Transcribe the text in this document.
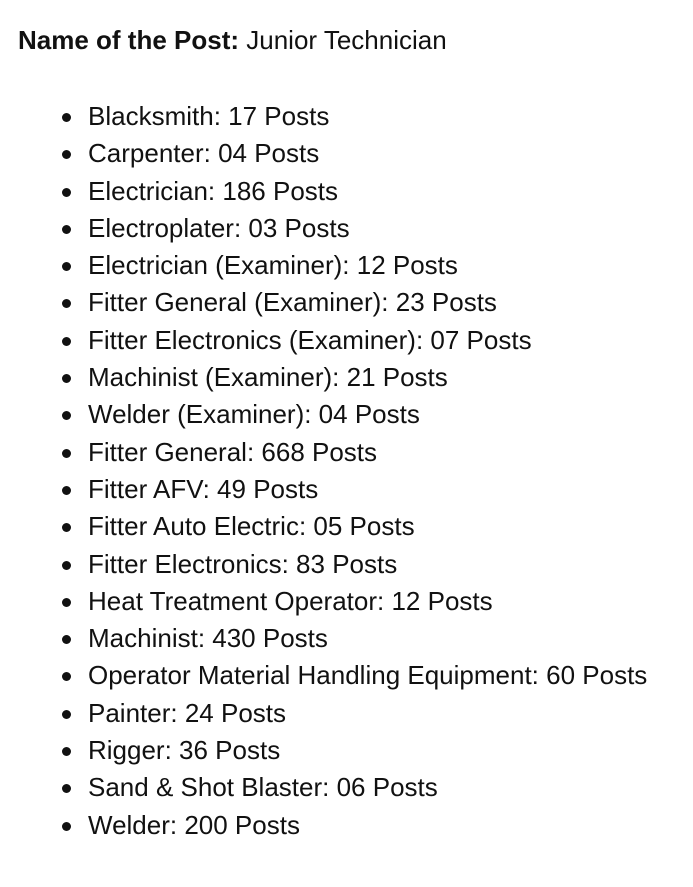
Name of the Post: Junior Technician
Blacksmith: 17 Posts
Carpenter: 04 Posts
Electrician: 186 Posts
Electroplater: 03 Posts
Electrician (Examiner): 12 Posts
Fitter General (Examiner): 23 Posts
Fitter Electronics (Examiner): 07 Posts
Machinist (Examiner): 21 Posts
Welder (Examiner): 04 Posts
Fitter General: 668 Posts
Fitter AFV: 49 Posts
Fitter Auto Electric: 05 Posts
Fitter Electronics: 83 Posts
Heat Treatment Operator: 12 Posts
Machinist: 430 Posts
Operator Material Handling Equipment: 60 Posts
Painter: 24 Posts
Rigger: 36 Posts
Sand & Shot Blaster: 06 Posts
Welder: 200 Posts
